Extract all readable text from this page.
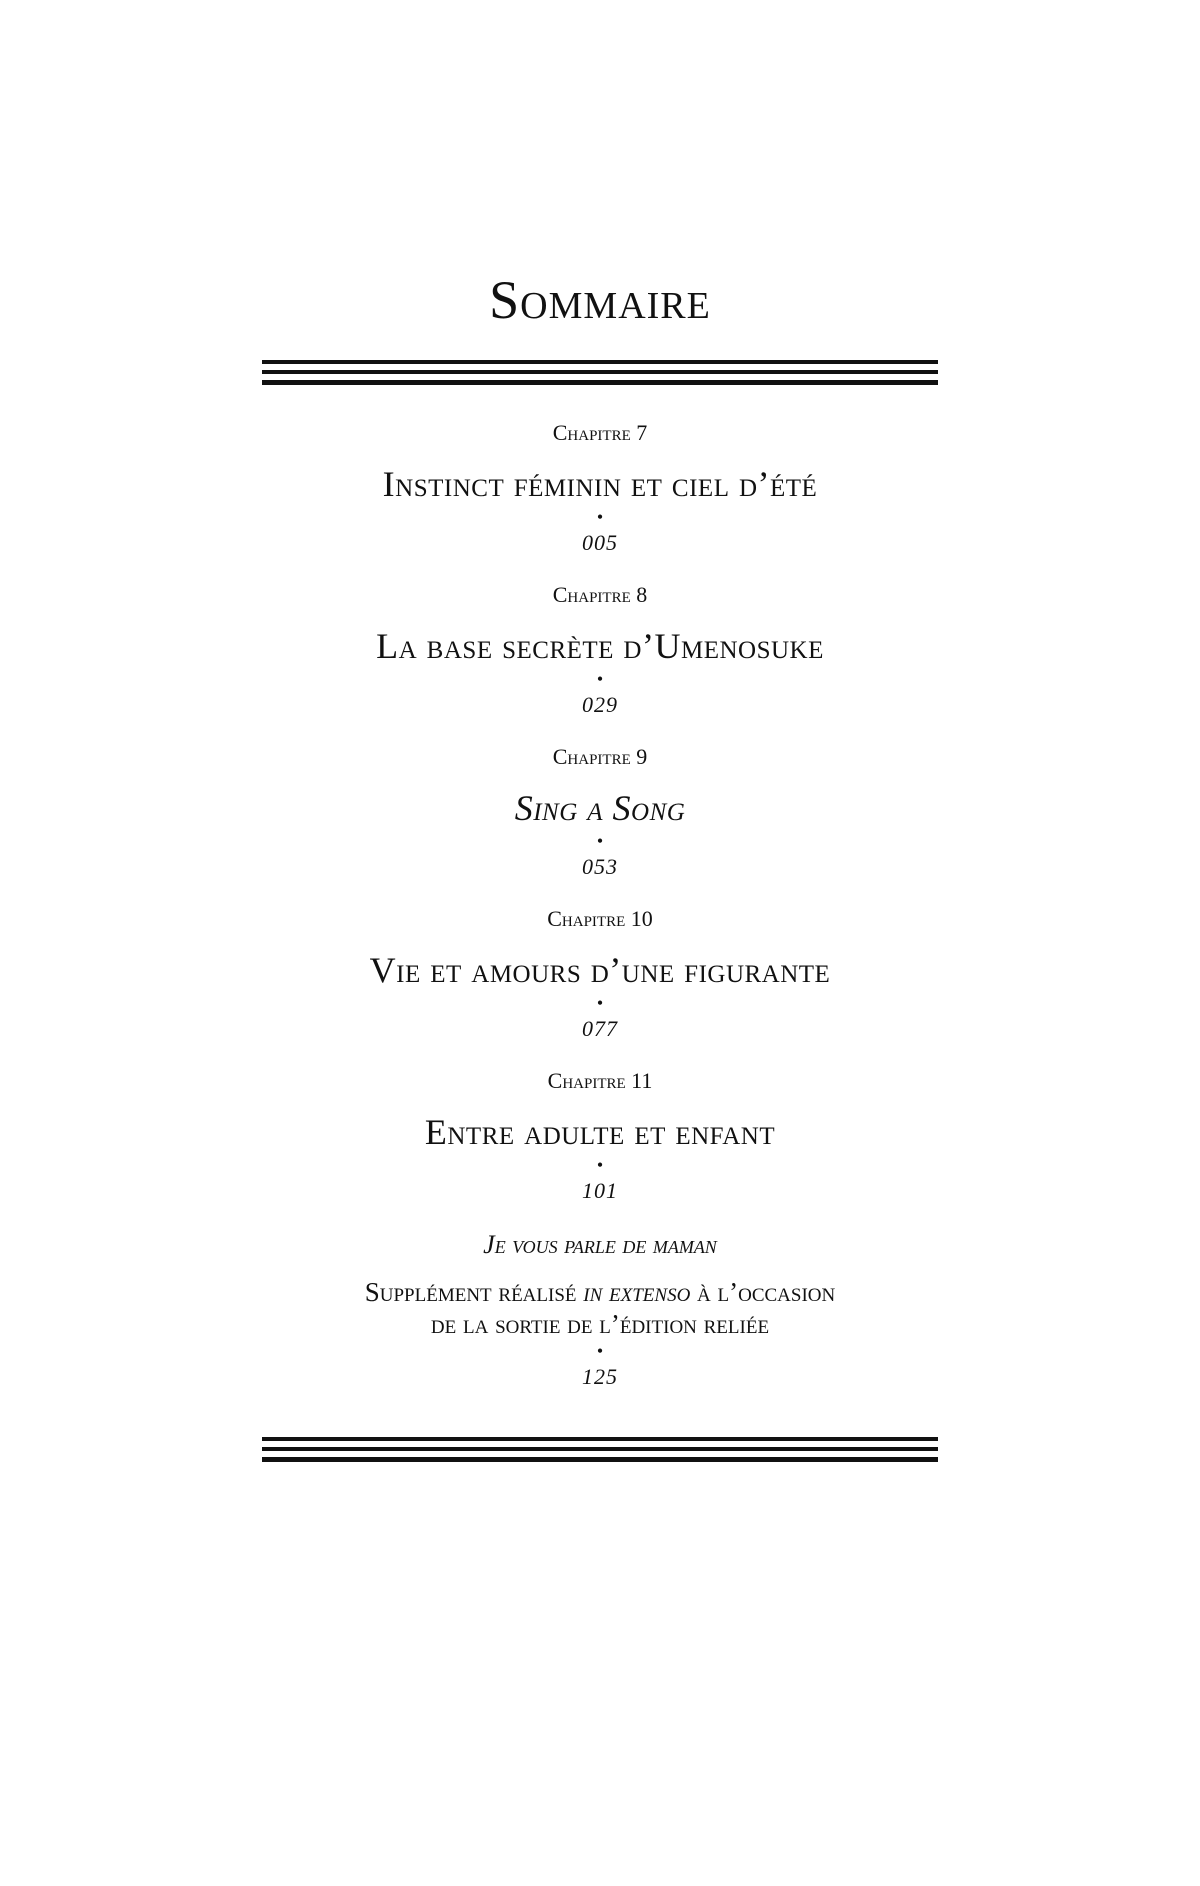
Sommaire
Chapitre 7
Instinct féminin et ciel d’été
•
005
Chapitre 8
La base secrète d’Umenosuke
•
029
Chapitre 9
Sing a Song
•
053
Chapitre 10
Vie et amours d’une figurante
•
077
Chapitre 11
Entre adulte et enfant
•
101
Je vous parle de maman
Supplément réalisé in extenso à l’occasion
de la sortie de l’édition reliée
•
125
